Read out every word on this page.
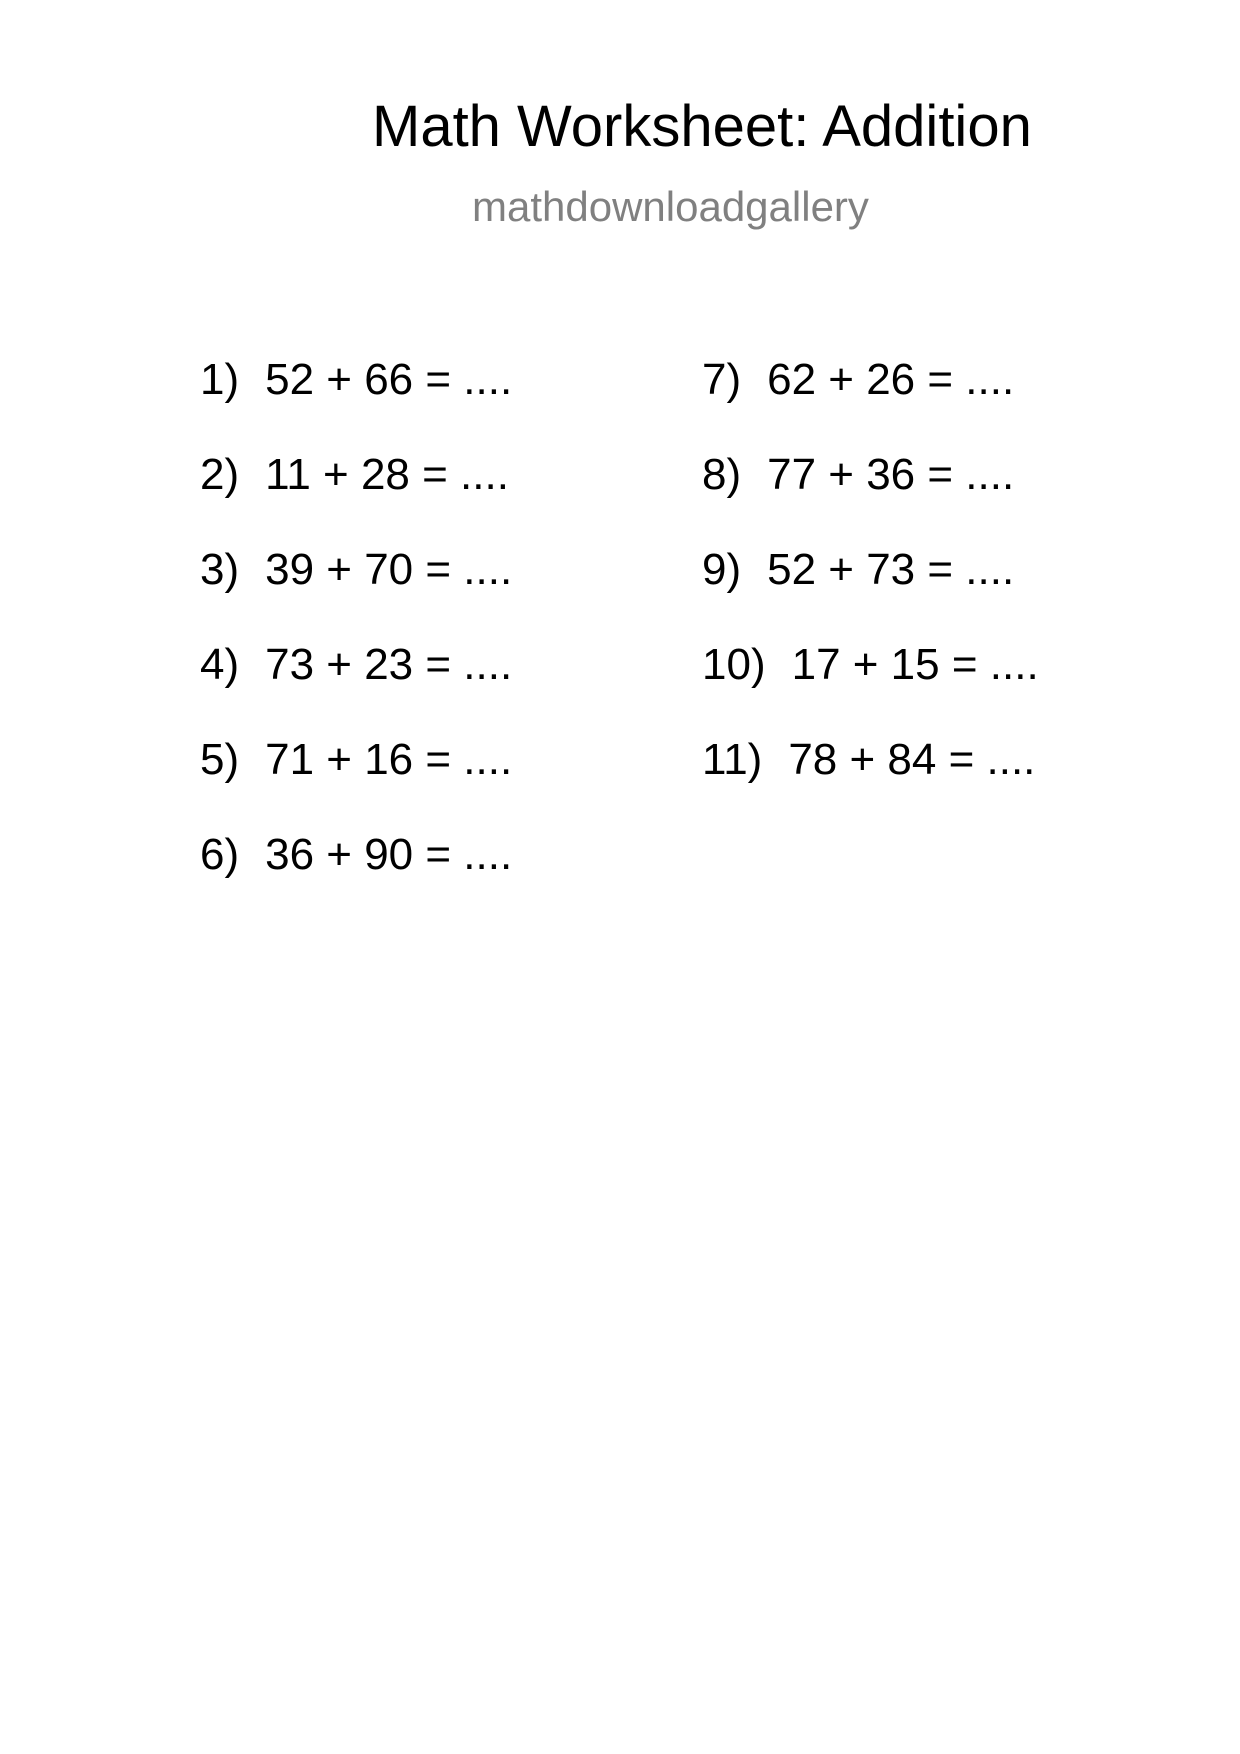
Math Worksheet: Addition
mathdownloadgallery
1) 52 + 66 = ....
2) 11 + 28 = ....
3) 39 + 70 = ....
4) 73 + 23 = ....
5) 71 + 16 = ....
6) 36 + 90 = ....
7) 62 + 26 = ....
8) 77 + 36 = ....
9) 52 + 73 = ....
10) 17 + 15 = ....
11) 78 + 84 = ....
